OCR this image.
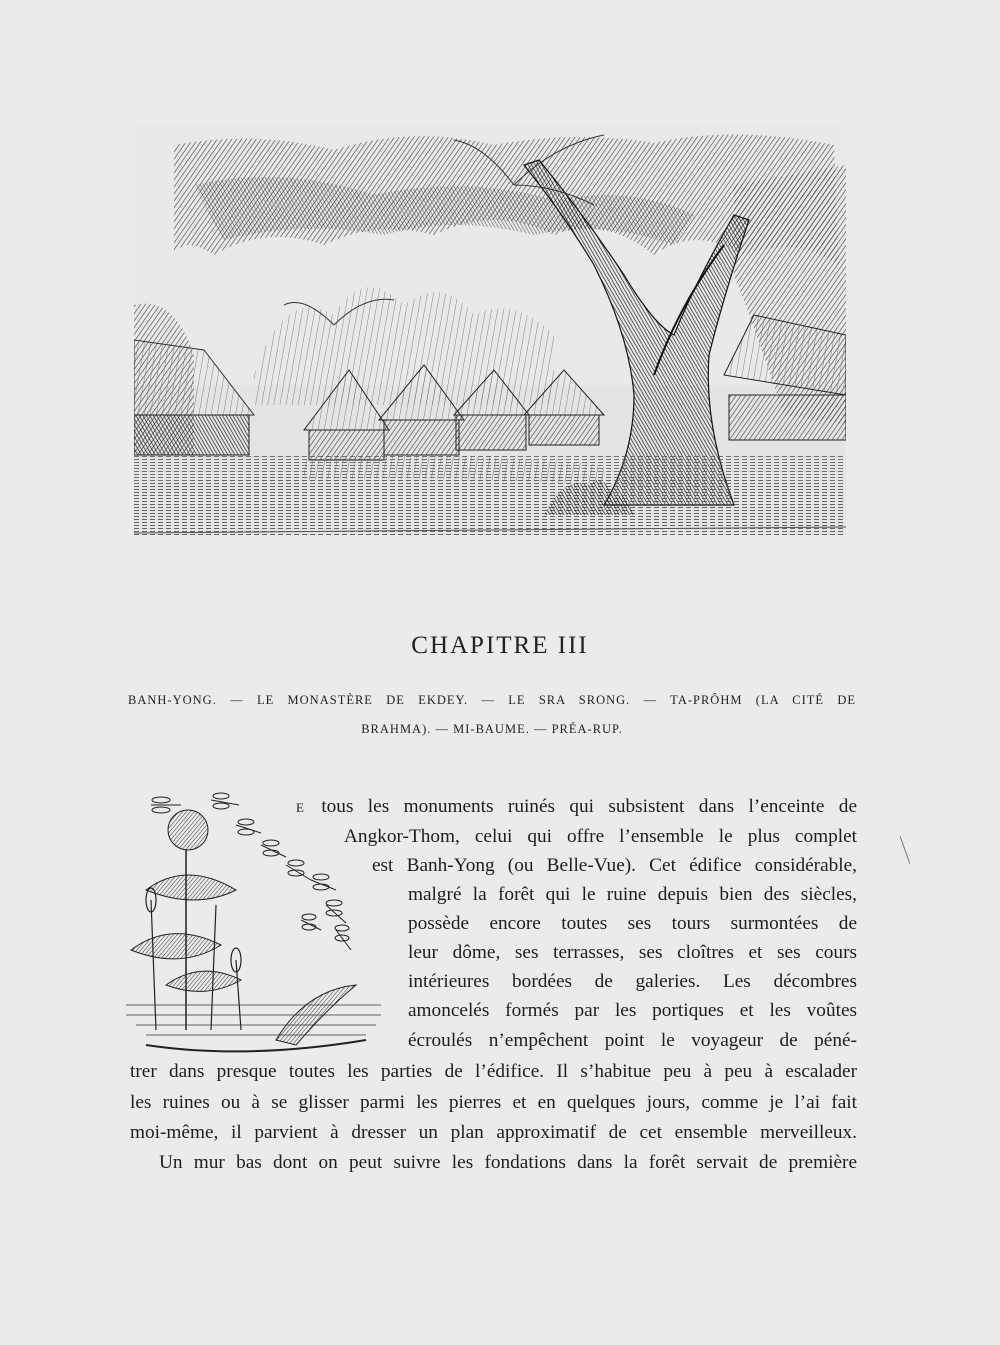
CHAPITRE III
BANH-YONG. — LE MONASTÈRE DE EKDEY. — LE SRA SRONG. — TA-PRÔHM (LA CITÉ DE
BRAHMA). — MI-BAUME. — PRÉA-RUP.
E tous les monuments ruinés qui subsistent dans l’enceinte de
Angkor-Thom, celui qui offre l’ensemble le plus complet
est Banh-Yong (ou Belle-Vue). Cet édifice considérable,
malgré la forêt qui le ruine depuis bien des siècles,
possède encore toutes ses tours surmontées de
leur dôme, ses terrasses, ses cloîtres et ses cours
intérieures bordées de galeries. Les décombres
amoncelés formés par les portiques et les voûtes
écroulés n’empêchent point le voyageur de péné-
trer dans presque toutes les parties de l’édifice. Il s’habitue peu à peu à escalader
les ruines ou à se glisser parmi les pierres et en quelques jours, comme je l’ai fait
moi-même, il parvient à dresser un plan approximatif de cet ensemble merveilleux.
Un mur bas dont on peut suivre les fondations dans la forêt servait de première
